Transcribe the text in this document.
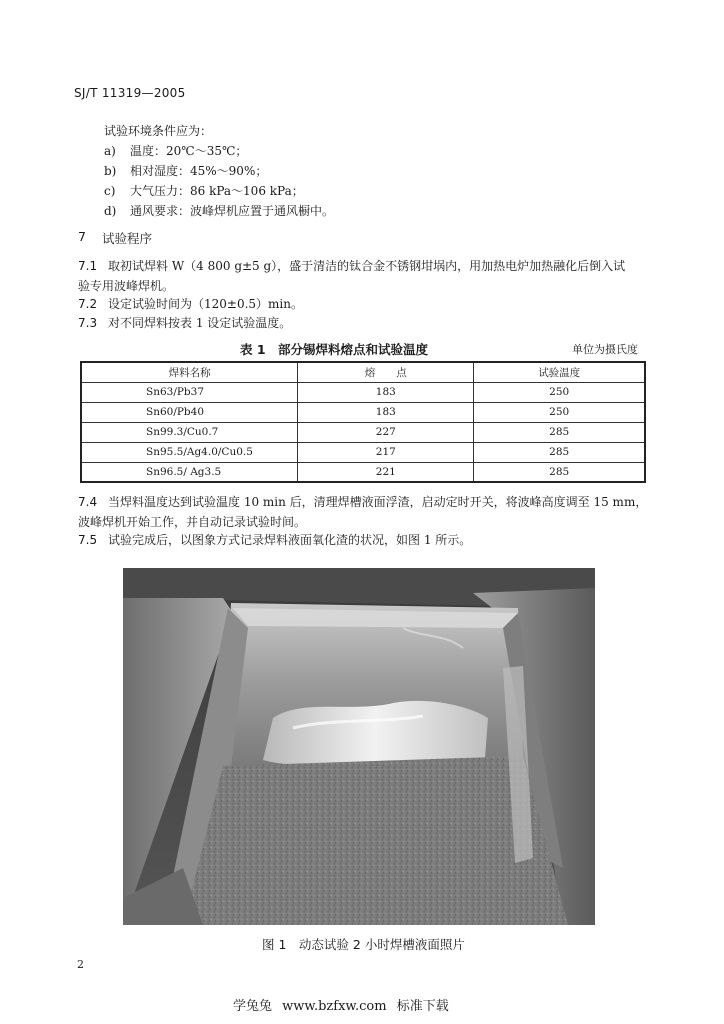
SJ/T 11319—2005
试验环境条件应为：
a)	温度：20℃～35℃；
b)	相对湿度：45%～90%；
c)	大气压力：86 kPa～106 kPa；
d)	通风要求：波峰焊机应置于通风橱中。
7 试验程序
7.1 取初试焊料 W（4 800 g±5 g），盛于清洁的钛合金不锈钢坩埚内，用加热电炉加热融化后倒入试
验专用波峰焊机。
7.2 设定试验时间为（120±0.5）min。
7.3 对不同焊料按表 1 设定试验温度。
表 1　部分锡焊料熔点和试验温度	单位为摄氏度
焊料名称	熔　　点	试验温度
Sn63/Pb37	183	250
Sn60/Pb40	183	250
Sn99.3/Cu0.7	227	285
Sn95.5/Ag4.0/Cu0.5	217	285
Sn96.5/ Ag3.5	221	285
7.4 当焊料温度达到试验温度 10 min 后，清理焊槽液面浮渣，启动定时开关，将波峰高度调至 15 mm，
波峰焊机开始工作，并自动记录试验时间。
7.5 试验完成后，以图象方式记录焊料液面氧化渣的状况，如图 1 所示。
图 1　动态试验 2 小时焊槽液面照片
2
学兔兔 www.bzfxw.com 标准下载
